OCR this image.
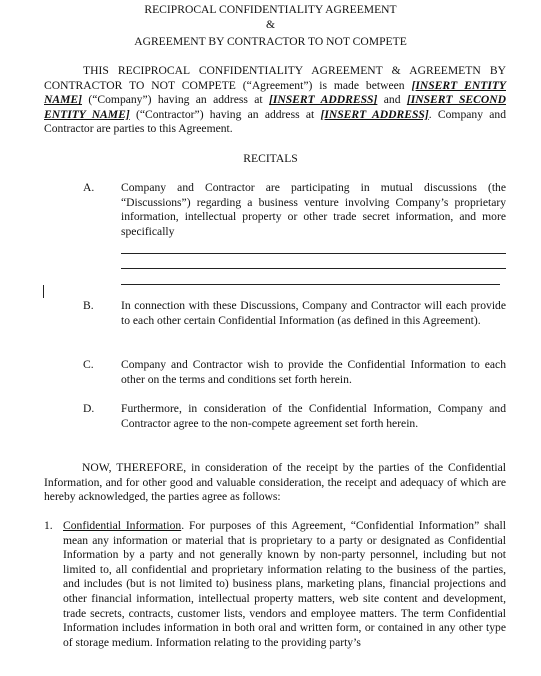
RECIPROCAL CONFIDENTIALITY AGREEMENT
&
AGREEMENT BY CONTRACTOR TO NOT COMPETE
THIS RECIPROCAL CONFIDENTIALITY AGREEMENT & AGREEMETN BY CONTRACTOR TO NOT COMPETE (“Agreement”) is made between [INSERT ENTITY NAME] (“Company”) having an address at [INSERT ADDRESS] and [INSERT SECOND ENTITY NAME] (“Contractor”) having an address at [INSERT ADDRESS]. Company and Contractor are parties to this Agreement.
RECITALS
A. Company and Contractor are participating in mutual discussions (the “Discussions”) regarding a business venture involving Company’s proprietary information, intellectual property or other trade secret information, and more specifically
B. In connection with these Discussions, Company and Contractor will each provide to each other certain Confidential Information (as defined in this Agreement).
C. Company and Contractor wish to provide the Confidential Information to each other on the terms and conditions set forth herein.
D. Furthermore, in consideration of the Confidential Information, Company and Contractor agree to the non-compete agreement set forth herein.
NOW, THEREFORE, in consideration of the receipt by the parties of the Confidential Information, and for other good and valuable consideration, the receipt and adequacy of which are hereby acknowledged, the parties agree as follows:
1. Confidential Information. For purposes of this Agreement, “Confidential Information” shall mean any information or material that is proprietary to a party or designated as Confidential Information by a party and not generally known by non-party personnel, including but not limited to, all confidential and proprietary information relating to the business of the parties, and includes (but is not limited to) business plans, marketing plans, financial projections and other financial information, intellectual property matters, web site content and development, trade secrets, contracts, customer lists, vendors and employee matters. The term Confidential Information includes information in both oral and written form, or contained in any other type of storage medium. Information relating to the providing party’s
